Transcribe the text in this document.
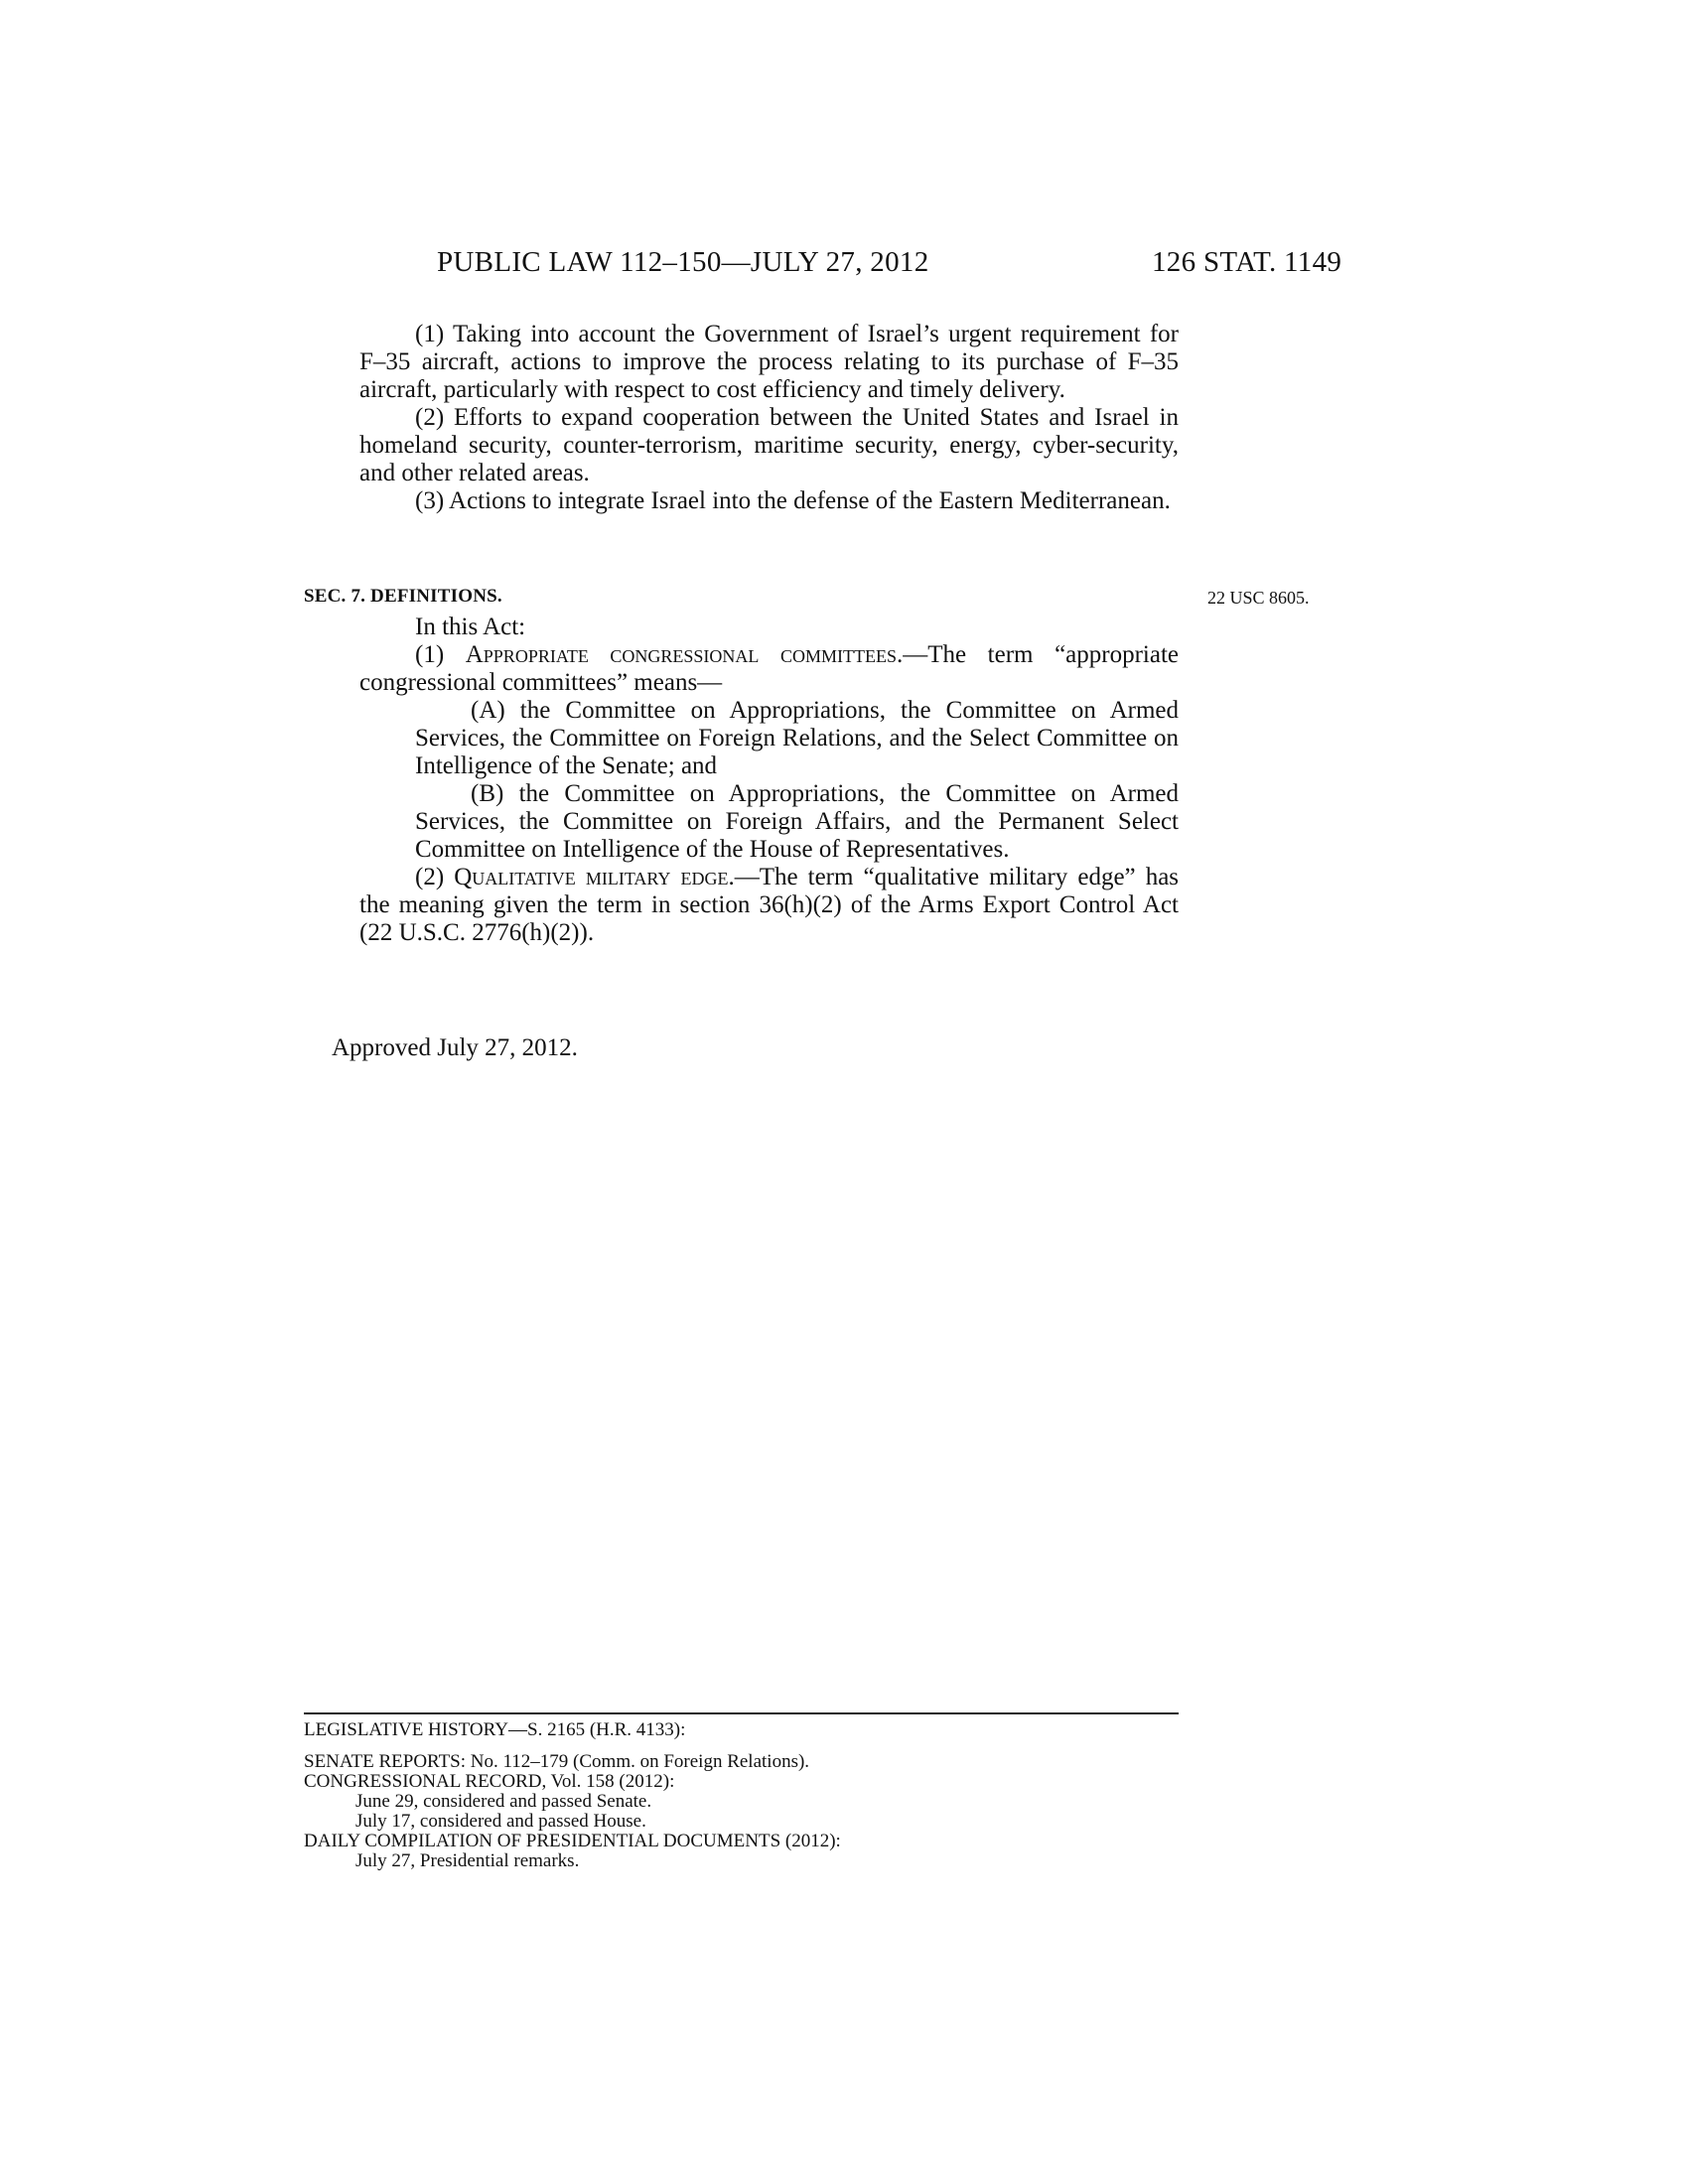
PUBLIC LAW 112–150—JULY 27, 2012	126 STAT. 1149

(1) Taking into account the Government of Israel’s urgent requirement for F–35 aircraft, actions to improve the process relating to its purchase of F–35 aircraft, particularly with respect to cost efficiency and timely delivery.

(2) Efforts to expand cooperation between the United States and Israel in homeland security, counter-terrorism, maritime security, energy, cyber-security, and other related areas.

(3) Actions to integrate Israel into the defense of the Eastern Mediterranean.

SEC. 7. DEFINITIONS.	22 USC 8605.

In this Act:

(1) Appropriate congressional committees.—The term “appropriate congressional committees” means—

(A) the Committee on Appropriations, the Committee on Armed Services, the Committee on Foreign Relations, and the Select Committee on Intelligence of the Senate; and

(B) the Committee on Appropriations, the Committee on Armed Services, the Committee on Foreign Affairs, and the Permanent Select Committee on Intelligence of the House of Representatives.

(2) Qualitative military edge.—The term “qualitative military edge” has the meaning given the term in section 36(h)(2) of the Arms Export Control Act (22 U.S.C. 2776(h)(2)).

Approved July 27, 2012.
LEGISLATIVE HISTORY—S. 2165 (H.R. 4133):
SENATE REPORTS: No. 112–179 (Comm. on Foreign Relations).
CONGRESSIONAL RECORD, Vol. 158 (2012):
June 29, considered and passed Senate.
July 17, considered and passed House.
DAILY COMPILATION OF PRESIDENTIAL DOCUMENTS (2012):
July 27, Presidential remarks.
